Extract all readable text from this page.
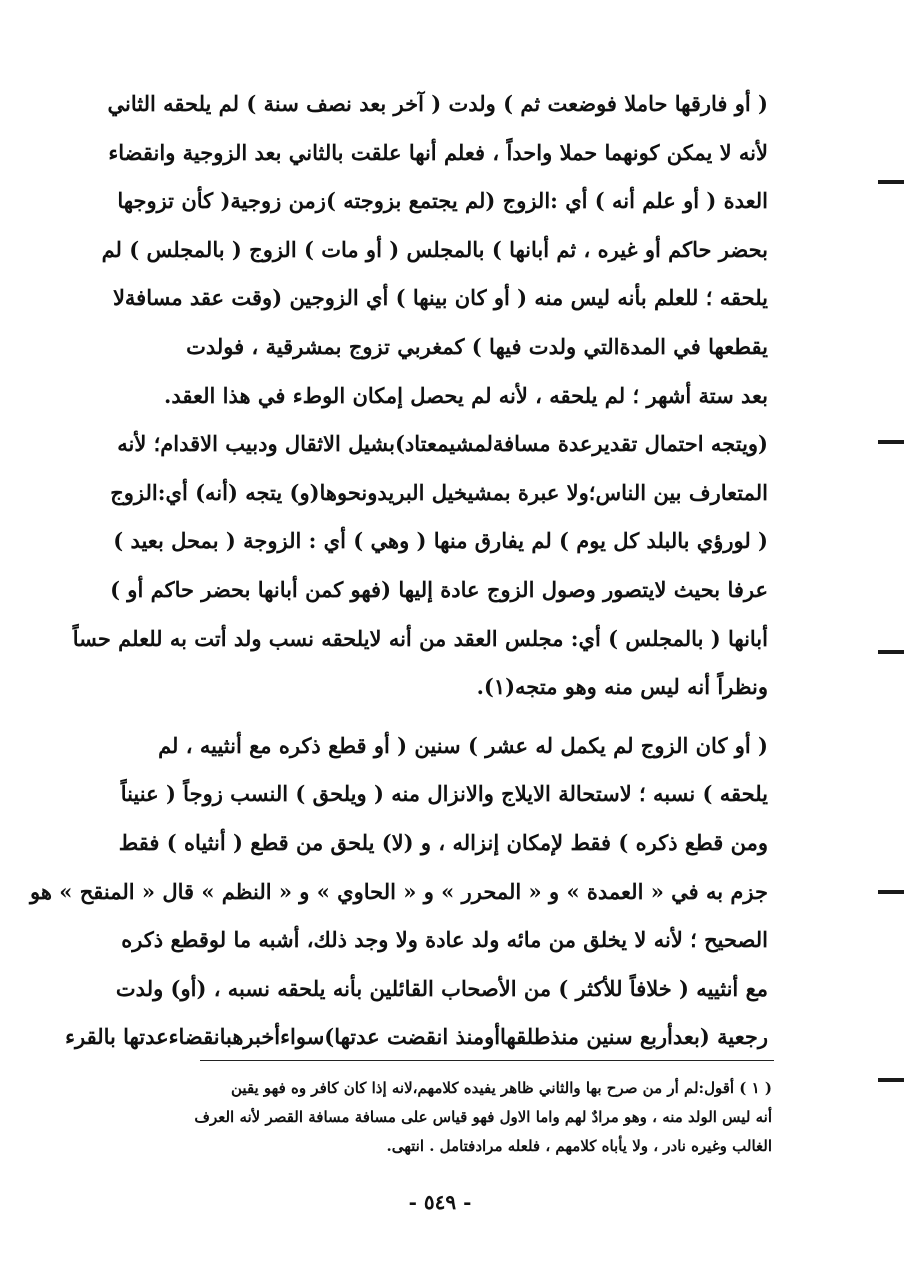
( أو فارقها حاملا فوضعت ثم ) ولدت ( آخر بعد نصف سنة ) لم يلحقه الثاني
لأنه لا يمكن كونهما حملا واحداً ، فعلم أنها علقت بالثاني بعد الزوجية وانقضاء
العدة ( أو علم أنه ) أي :الزوج (لم يجتمع بزوجته )زمن زوجية( كأن تزوجها
بحضر حاكم أو غيره ، ثم أبانها ) بالمجلس ( أو مات ) الزوج ( بالمجلس ) لم
يلحقه ؛ للعلم بأنه ليس منه ( أو كان بينها ) أي الزوجين (وقت عقد مسافةلا
يقطعها في المدةالتي ولدت فيها ) كمغربي تزوج بمشرقية ، فولدت
بعد ستة أشهر ؛ لم يلحقه ، لأنه لم يحصل إمكان الوطء في هذا العقد.
(ويتجه احتمال تقديرعدة مسافةلمشيمعتاد)بشيل الاثقال ودبيب الاقدام؛ لأنه
المتعارف بين الناس؛ولا عبرة بمشيخيل البريدونحوها(و) يتجه (أنه) أي:الزوج
( لورؤي بالبلد كل يوم ) لم يفارق منها ( وهي ) أي : الزوجة ( بمحل بعيد )
عرفا بحيث لايتصور وصول الزوج عادة إليها (فهو كمن أبانها بحضر حاكم أو )
أبانها ( بالمجلس ) أي: مجلس العقد من أنه لايلحقه نسب ولد أتت به للعلم حساً
ونظراً أنه ليس منه وهو متجه(١).
( أو كان الزوج لم يكمل له عشر ) سنين ( أو قطع ذكره مع أنثييه ، لم
يلحقه ) نسبه ؛ لاستحالة الايلاج والانزال منه ( ويلحق ) النسب زوجاً ( عنيناً
ومن قطع ذكره ) فقط لإمكان إنزاله ، و (لا) يلحق من قطع ( أنثياه ) فقط
جزم به في « العمدة » و « المحرر » و « الحاوي » و « النظم » قال « المنقح » هو
الصحيح ؛ لأنه لا يخلق من مائه ولد عادة ولا وجد ذلك، أشبه ما لوقطع ذكره
مع أنثييه ( خلافاً للأكثر ) من الأصحاب القائلين بأنه يلحقه نسبه ، (أو) ولدت
رجعية (بعدأربع سنين منذطلقهاأومنذ انقضت عدتها)سواءأخبرهبانقضاءعدتها بالقرء
( ١ ) أقول:لم أر من صرح بها والثاني ظاهر يفيده كلامهم،لانه إذا كان كافر وه فهو يقين
أنه ليس الولد منه ، وهو مرادٌ لهم واما الاول فهو قياس على مسافة مسافة القصر لأنه العرف
الغالب وغيره نادر ، ولا يأباه كلامهم ، فلعله مرادفتامل . انتهى.
- ٥٤٩ -
